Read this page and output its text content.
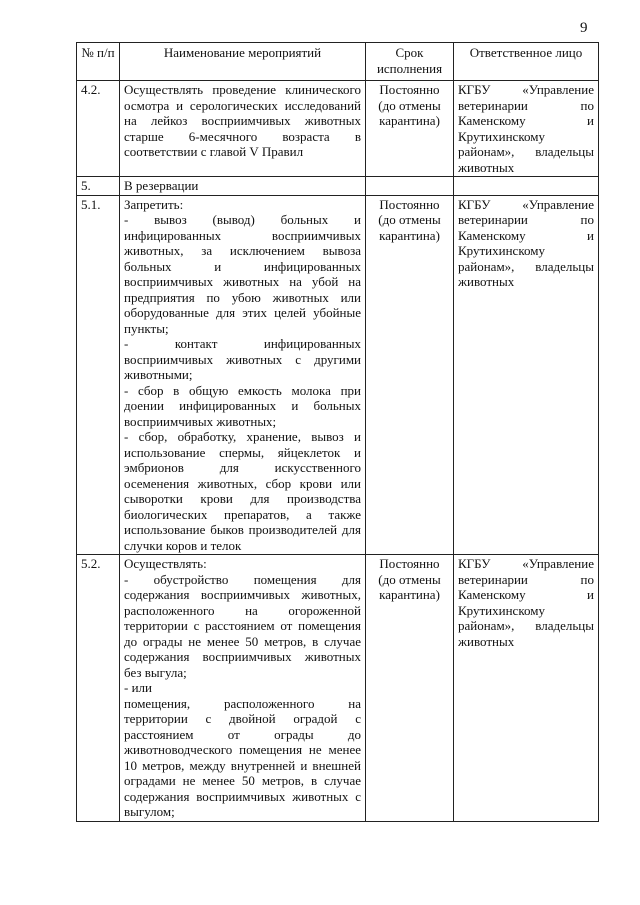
9
№ п/п	Наименование мероприятий	Срок исполнения	Ответственное лицо
4.2.	Осуществлять проведение клинического осмотра и серологических исследований на лейкоз восприимчивых животных старше 6-месячного возраста в соответствии с главой V Правил	Постоянно (до отмены карантина)	КГБУ «Управление ветеринарии по Каменскому и Крутихинскому районам», владельцы животных
5.	В резервации		
5.1.	Запретить:
- вывоз (вывод) больных и инфицированных восприимчивых животных, за исключением вывоза больных и инфицированных восприимчивых животных на убой на предприятия по убою животных или оборудованные для этих целей убойные пункты;
- контакт инфицированных восприимчивых животных с другими животными;
- сбор в общую емкость молока при доении инфицированных и больных восприимчивых животных;
- сбор, обработку, хранение, вывоз и использование спермы, яйцеклеток и эмбрионов для искусственного осеменения животных, сбор крови или сыворотки крови для производства биологических препаратов, а также использование быков производителей для случки коров и телок	Постоянно (до отмены карантина)	КГБУ «Управление ветеринарии по Каменскому и Крутихинскому районам», владельцы животных
5.2.	Осуществлять:
- обустройство помещения для содержания восприимчивых животных, расположенного на огороженной территории с расстоянием от помещения до ограды не менее 50 метров, в случае содержания восприимчивых животных без выгула;
- или
помещения, расположенного на территории с двойной оградой с расстоянием от ограды до животноводческого помещения не менее 10 метров, между внутренней и внешней оградами не менее 50 метров, в случае содержания восприимчивых животных с выгулом;	Постоянно (до отмены карантина)	КГБУ «Управление ветеринарии по Каменскому и Крутихинскому районам», владельцы животных
